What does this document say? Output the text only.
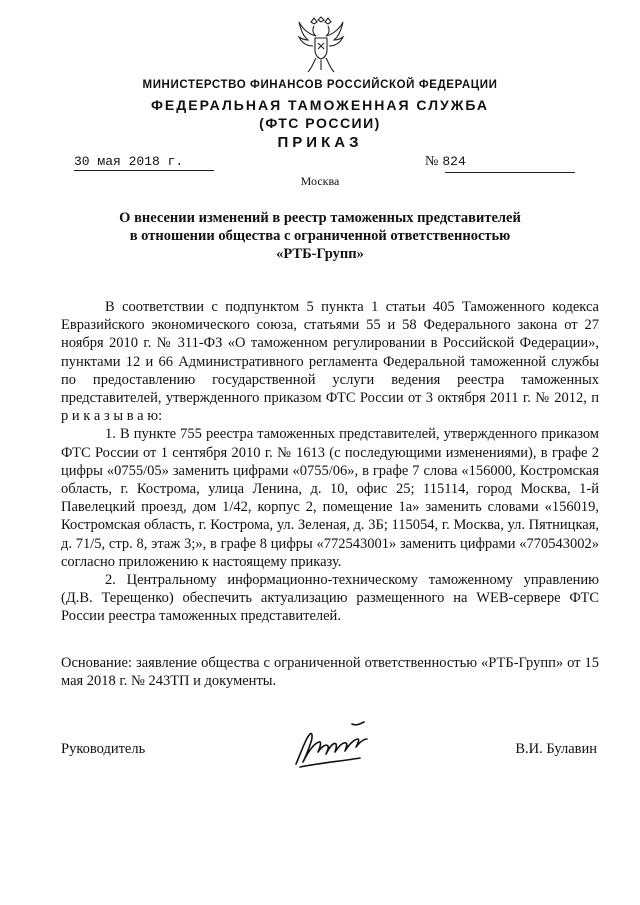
МИНИСТЕРСТВО ФИНАНСОВ РОССИЙСКОЙ ФЕДЕРАЦИИ
ФЕДЕРАЛЬНАЯ ТАМОЖЕННАЯ СЛУЖБА
(ФТС РОССИИ)
ПРИКАЗ
30 мая 2018 г.	№ 824
Москва
О внесении изменений в реестр таможенных представителей
в отношении общества с ограниченной ответственностью
«РТБ-Групп»

В соответствии с подпунктом 5 пункта 1 статьи 405 Таможенного кодекса Евразийского экономического союза, статьями 55 и 58 Федерального закона от 27 ноября 2010 г. № 311-ФЗ «О таможенном регулировании в Российской Федерации», пунктами 12 и 66 Административного регламента Федеральной таможенной службы по предоставлению государственной услуги ведения реестра таможенных представителей, утвержденного приказом ФТС России от 3 октября 2011 г. № 2012, п р и к а з ы в а ю:

1. В пункте 755 реестра таможенных представителей, утвержденного приказом ФТС России от 1 сентября 2010 г. № 1613 (с последующими изменениями), в графе 2 цифры «0755/05» заменить цифрами «0755/06», в графе 7 слова «156000, Костромская область, г. Кострома, улица Ленина, д. 10, офис 25; 115114, город Москва, 1-й Павелецкий проезд, дом 1/42, корпус 2, помещение 1а» заменить словами «156019, Костромская область, г. Кострома, ул. Зеленая, д. 3Б; 115054, г. Москва, ул. Пятницкая, д. 71/5, стр. 8, этаж 3;», в графе 8 цифры «772543001» заменить цифрами «770543002» согласно приложению к настоящему приказу.

2. Центральному информационно-техническому таможенному управлению (Д.В. Терещенко) обеспечить актуализацию размещенного на WEB-сервере ФТС России реестра таможенных представителей.

Основание: заявление общества с ограниченной ответственностью «РТБ-Групп» от 15 мая 2018 г. № 243ТП и документы.

Руководитель	В.И. Булавин
